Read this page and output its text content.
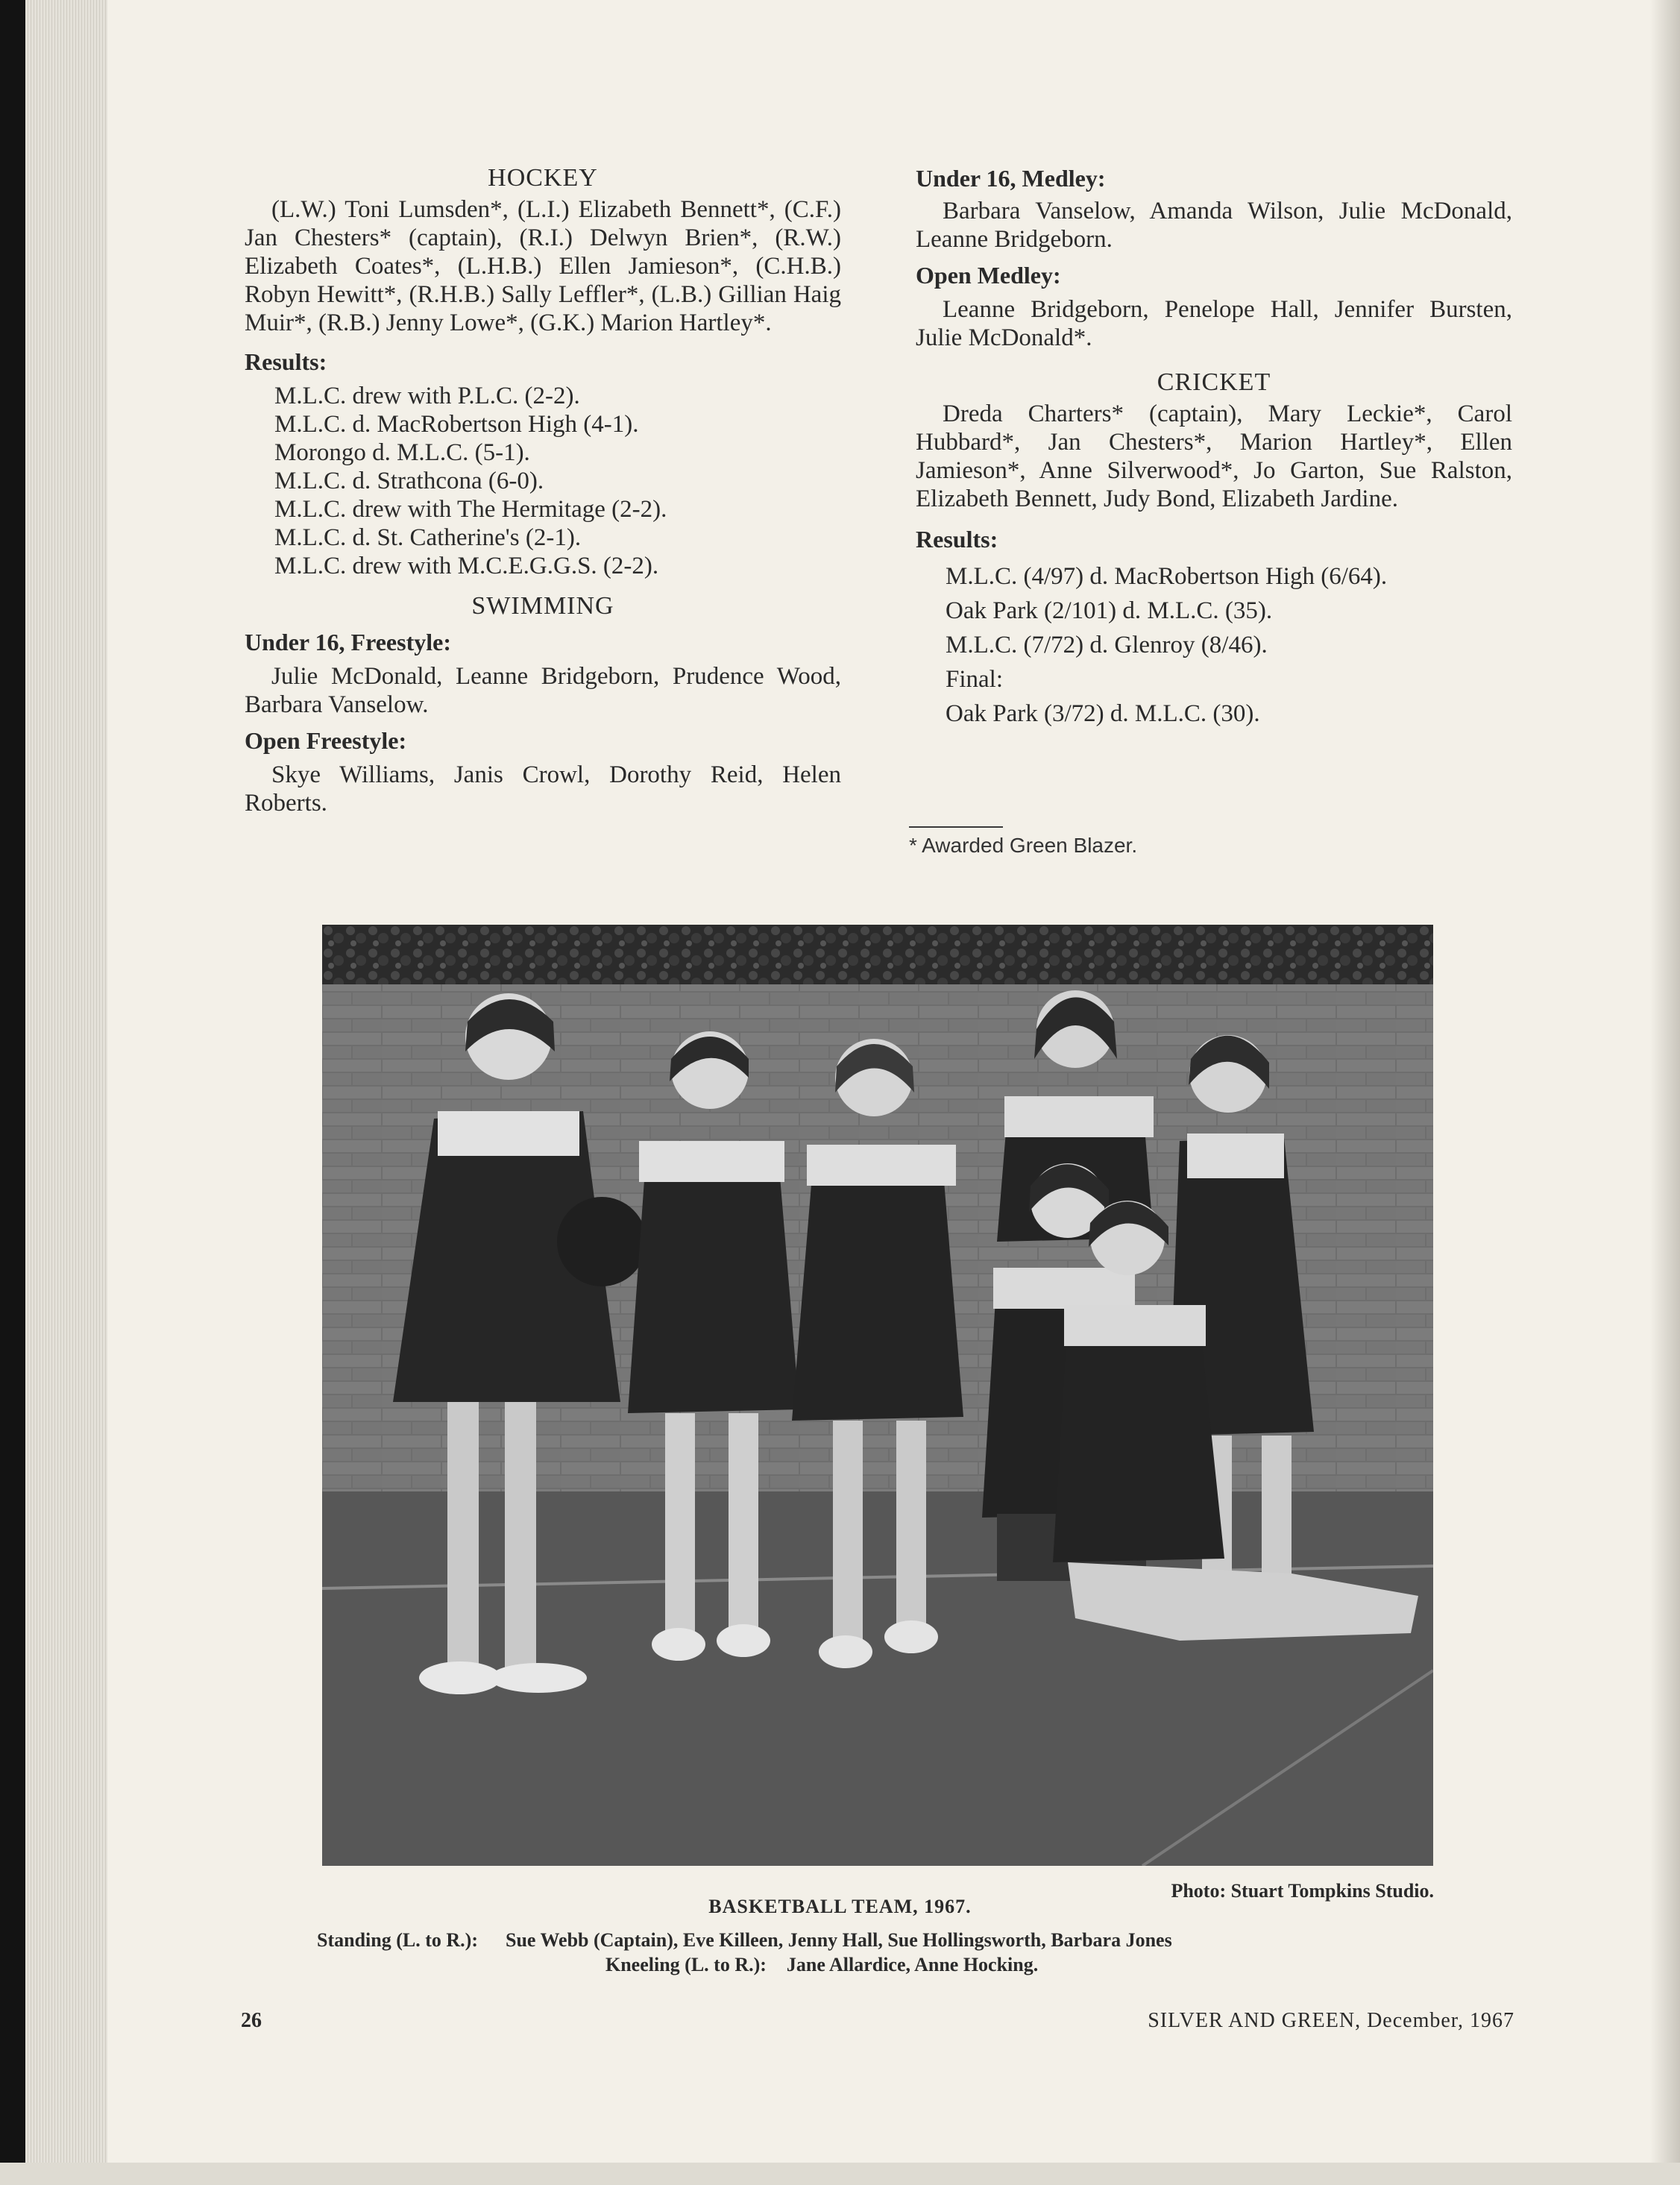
HOCKEY

(L.W.) Toni Lumsden*, (L.I.) Elizabeth Bennett*, (C.F.) Jan Chesters* (captain), (R.I.) Delwyn Brien*, (R.W.) Elizabeth Coates*, (L.H.B.) Ellen Jamieson*, (C.H.B.) Robyn Hewitt*, (R.H.B.) Sally Leffler*, (L.B.) Gillian Haig Muir*, (R.B.) Jenny Lowe*, (G.K.) Marion Hartley*.

Results:

M.L.C. drew with P.L.C. (2-2).

M.L.C. d. MacRobertson High (4-1).

Morongo d. M.L.C. (5-1).

M.L.C. d. Strathcona (6-0).

M.L.C. drew with The Hermitage (2-2).

M.L.C. d. St. Catherine's (2-1).

M.L.C. drew with M.C.E.G.G.S. (2-2).

SWIMMING

Under 16, Freestyle:

Julie McDonald, Leanne Bridgeborn, Prudence Wood, Barbara Vanselow.

Open Freestyle:

Skye Williams, Janis Crowl, Dorothy Reid, Helen Roberts.

Under 16, Medley:

Barbara Vanselow, Amanda Wilson, Julie McDonald, Leanne Bridgeborn.

Open Medley:

Leanne Bridgeborn, Penelope Hall, Jennifer Bursten, Julie McDonald*.

CRICKET

Dreda Charters* (captain), Mary Leckie*, Carol Hubbard*, Jan Chesters*, Marion Hartley*, Ellen Jamieson*, Anne Silverwood*, Jo Garton, Sue Ralston, Elizabeth Bennett, Judy Bond, Elizabeth Jardine.

Results:

M.L.C. (4/97) d. MacRobertson High (6/64).

Oak Park (2/101) d. M.L.C. (35).

M.L.C. (7/72) d. Glenroy (8/46).

Final:

Oak Park (3/72) d. M.L.C. (30).

* Awarded Green Blazer.
Photo: Stuart Tompkins Studio.
BASKETBALL TEAM, 1967.
Standing (L. to R.): Sue Webb (Captain), Eve Killeen, Jenny Hall, Sue Hollingsworth, Barbara Jones
Kneeling (L. to R.): Jane Allardice, Anne Hocking.
26	SILVER AND GREEN, December, 1967
